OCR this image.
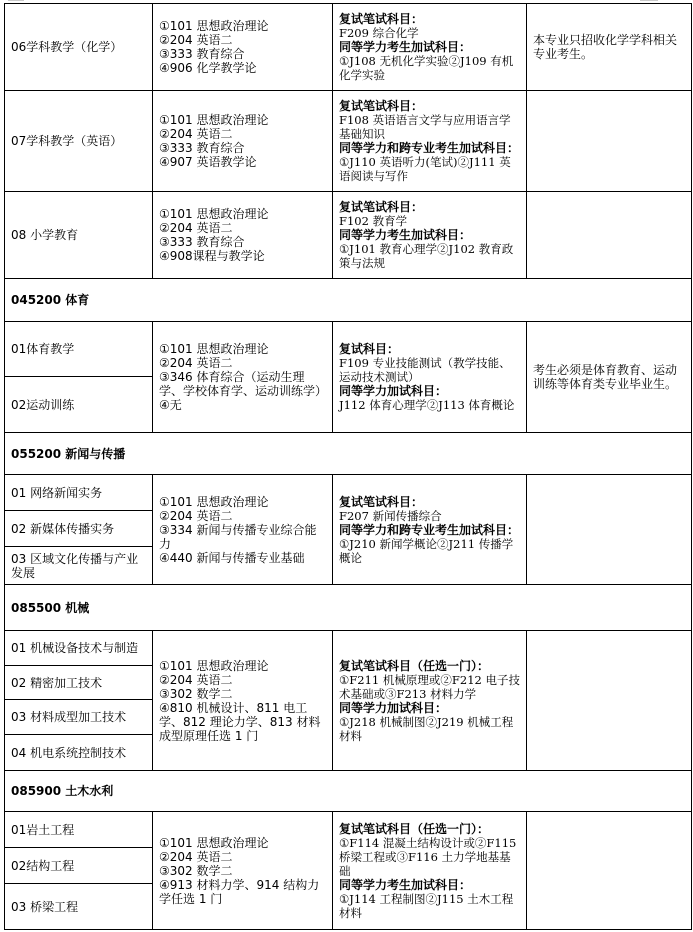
06学科教学（化学）	①101 思想政治理论
②204 英语二
③333 教育综合
④906 化学教学论	复试笔试科目：
F209 综合化学
同等学力考生加试科目：
①J108 无机化学实验②J109 有机化学实验	本专业只招收化学学科相关专业考生。
07学科教学（英语）	①101 思想政治理论
②204 英语二
③333 教育综合
④907 英语教学论	复试笔试科目：
F108 英语语言文学与应用语言学基础知识
同等学力和跨专业考生加试科目：
①J110 英语听力(笔试)②J111 英语阅读与写作	

08 小学教育	①101 思想政治理论
②204 英语二
③333 教育综合
④908课程与教学论	复试笔试科目：
F102 教育学
同等学力考生加试科目：
①J101 教育心理学②J102 教育政策与法规	

045200 体育			
01体育教学	①101 思想政治理论
②204 英语二
③346 体育综合（运动生理学、学校体育学、运动训练学）
④无	复试科目：
F109 专业技能测试（教学技能、运动技术测试）
同等学力加试科目：
J112 体育心理学②J113 体育概论	考生必须是体育教育、运动训练等体育类专业毕业生。
02运动训练			
055200 新闻与传播			
01 网络新闻实务	①101 思想政治理论
②204 英语二
③334 新闻与传播专业综合能力
④440 新闻与传播专业基础	复试笔试科目：
F207 新闻传播综合
同等学力和跨专业考生加试科目：
①J210 新闻学概论②J211 传播学概论	

02 新媒体传播实务			
03 区域文化传播与产业发展			
085500 机械			
01 机械设备技术与制造	①101 思想政治理论
②204 英语二
③302 数学二
④810 机械设计、811 电工学、812 理论力学、813 材料成型原理任选 1 门	复试笔试科目（任选一门）：
①F211 机械原理或②F212 电子技术基础或③F213 材料力学
同等学力加试科目：
①J218 机械制图②J219 机械工程材料	

02 精密加工技术			
03 材料成型加工技术			
04 机电系统控制技术			
085900 土木水利			
01岩土工程	①101 思想政治理论
②204 英语二
③302 数学二
④913 材料力学、914 结构力学任选 1 门	复试笔试科目（任选一门）：
①F114 混凝土结构设计或②F115 桥梁工程或③F116 土力学地基基础
同等学力考生加试科目：
①J114 工程制图②J115 土木工程材料	

02结构工程			
03 桥梁工程			
